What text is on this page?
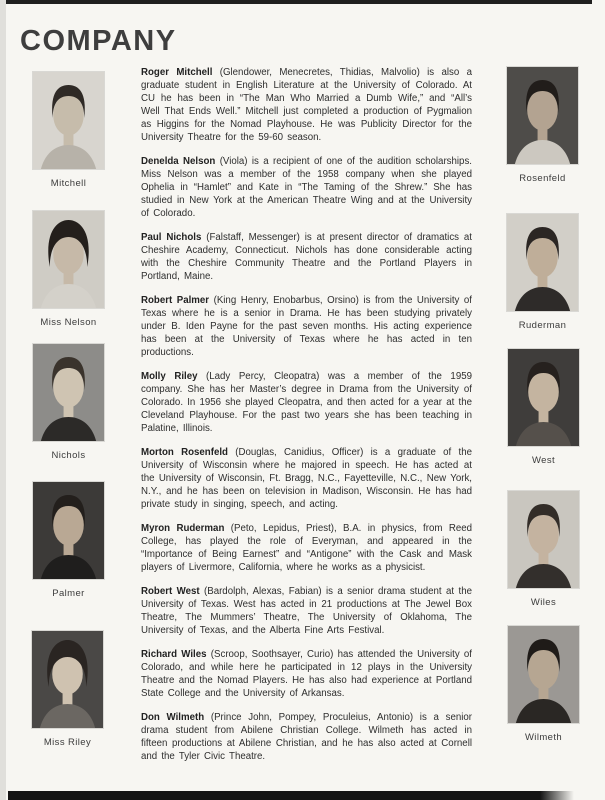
COMPANY
Mitchell
Miss Nelson
Nichols
Palmer
Miss Riley
Rosenfeld
Ruderman
West
Wiles
Wilmeth

Roger Mitchell (Glendower, Menecretes, Thidias, Malvolio) is also a graduate student in English Literature at the University of Colorado. At CU he has been in “The Man Who Married a Dumb Wife,” and “All’s Well That Ends Well.” Mitchell just completed a production of Pygmalion as Higgins for the Nomad Playhouse. He was Publicity Director for the University Theatre for the 59-60 season.

Denelda Nelson (Viola) is a recipient of one of the audition scholarships. Miss Nelson was a member of the 1958 company when she played Ophelia in “Hamlet” and Kate in “The Taming of the Shrew.” She has studied in New York at the American Theatre Wing and at the University of Colorado.

Paul Nichols (Falstaff, Messenger) is at present director of dramatics at Cheshire Academy, Connecticut. Nichols has done considerable acting with the Cheshire Community Theatre and the Portland Players in Portland, Maine.

Robert Palmer (King Henry, Enobarbus, Orsino) is from the University of Texas where he is a senior in Drama. He has been studying privately under B. Iden Payne for the past seven months. His acting experience has been at the University of Texas where he has acted in ten productions.

Molly Riley (Lady Percy, Cleopatra) was a member of the 1959 company. She has her Master’s degree in Drama from the University of Colorado. In 1956 she played Cleopatra, and then acted for a year at the Cleveland Playhouse. For the past two years she has been teaching in Palatine, Illinois.

Morton Rosenfeld (Douglas, Canidius, Officer) is a graduate of the University of Wisconsin where he majored in speech. He has acted at the University of Wisconsin, Ft. Bragg, N.C., Fayetteville, N.C., New York, N.Y., and he has been on television in Madison, Wisconsin. He has had private study in singing, speech, and acting.

Myron Ruderman (Peto, Lepidus, Priest), B.A. in physics, from Reed College, has played the role of Everyman, and appeared in the “Importance of Being Earnest” and “Antigone” with the Cask and Mask players of Livermore, California, where he works as a physicist.

Robert West (Bardolph, Alexas, Fabian) is a senior drama student at the University of Texas. West has acted in 21 productions at The Jewel Box Theatre, The Mummers’ Theatre, The University of Oklahoma, The University of Texas, and the Alberta Fine Arts Festival.

Richard Wiles (Scroop, Soothsayer, Curio) has attended the University of Colorado, and while here he participated in 12 plays in the University Theatre and the Nomad Players. He has also had experience at Portland State College and the University of Arkansas.

Don Wilmeth (Prince John, Pompey, Proculeius, Antonio) is a senior drama student from Abilene Christian College. Wilmeth has acted in fifteen productions at Abilene Christian, and he has also acted at Cornell and the Tyler Civic Theatre.
